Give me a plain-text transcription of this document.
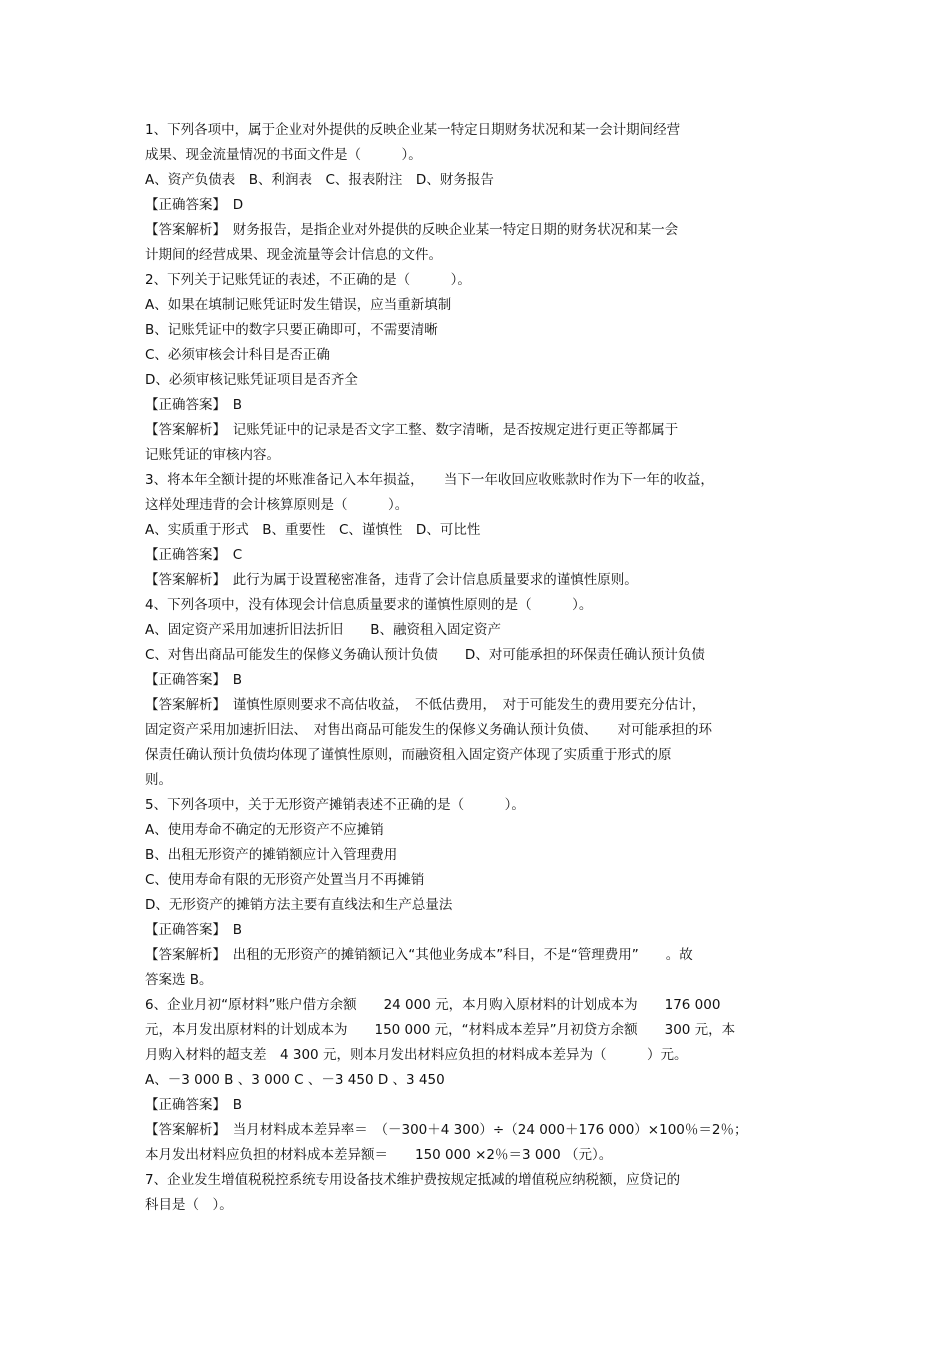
1、下列各项中，属于企业对外提供的反映企业某一特定日期财务状况和某一会计期间经营

成果、现金流量情况的书面文件是（　　　）。

A、资产负债表　B、利润表　C、报表附注　D、财务报告

【正确答案】　D

【答案解析】　财务报告，是指企业对外提供的反映企业某一特定日期的财务状况和某一会

计期间的经营成果、现金流量等会计信息的文件。

2、下列关于记账凭证的表述，不正确的是（　　　）。

A、如果在填制记账凭证时发生错误，应当重新填制

B、记账凭证中的数字只要正确即可，不需要清晰

C、必须审核会计科目是否正确

D、必须审核记账凭证项目是否齐全

【正确答案】　B

【答案解析】　记账凭证中的记录是否文字工整、数字清晰，是否按规定进行更正等都属于

记账凭证的审核内容。

3、将本年全额计提的坏账准备记入本年损益，　　当下一年收回应收账款时作为下一年的收益，

这样处理违背的会计核算原则是（　　　）。

A、实质重于形式　B、重要性　C、谨慎性　D、可比性

【正确答案】　C

【答案解析】　此行为属于设置秘密准备，违背了会计信息质量要求的谨慎性原则。

4、下列各项中，没有体现会计信息质量要求的谨慎性原则的是（　　　）。

A、固定资产采用加速折旧法折旧　　B、融资租入固定资产

C、对售出商品可能发生的保修义务确认预计负债　　D、对可能承担的环保责任确认预计负债

【正确答案】　B

【答案解析】　谨慎性原则要求不高估收益，　不低估费用，　对于可能发生的费用要充分估计，

固定资产采用加速折旧法、　对售出商品可能发生的保修义务确认预计负债、　　对可能承担的环

保责任确认预计负债均体现了谨慎性原则，而融资租入固定资产体现了实质重于形式的原

则。

5、下列各项中，关于无形资产摊销表述不正确的是（　　　）。

A、使用寿命不确定的无形资产不应摊销

B、出租无形资产的摊销额应计入管理费用

C、使用寿命有限的无形资产处置当月不再摊销

D、无形资产的摊销方法主要有直线法和生产总量法

【正确答案】　B

【答案解析】　出租的无形资产的摊销额记入“其他业务成本”科目，不是“管理费用”　　。故

答案选 B。

6、企业月初“原材料”账户借方余额　　24 000 元，本月购入原材料的计划成本为　　176 000

元，本月发出原材料的计划成本为　　150 000 元，“材料成本差异”月初贷方余额　　300 元，本

月购入材料的超支差　4 300 元，则本月发出材料应负担的材料成本差异为（　　　）元。

A、－3 000 B 、3 000 C 、－3 450 D 、3 450

【正确答案】　B

【答案解析】　当月材料成本差异率＝　（－300＋4 300）÷（24 000＋176 000）×100％＝2％；

本月发出材料应负担的材料成本差异额＝　　150 000 ×2％＝3 000 （元）。

7、企业发生增值税税控系统专用设备技术维护费按规定抵减的增值税应纳税额，应贷记的

科目是（　）。
